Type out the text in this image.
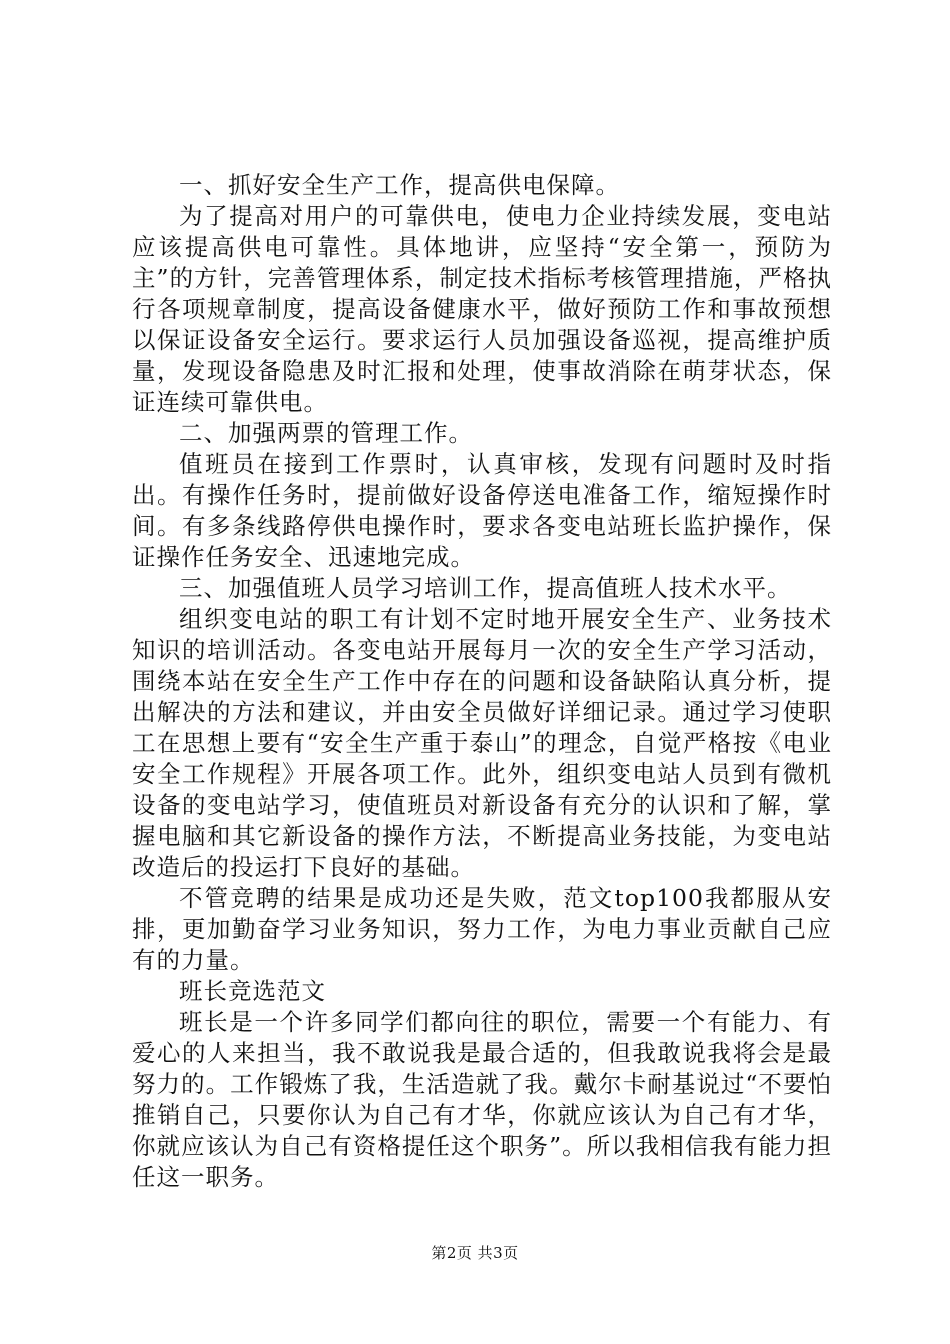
一、抓好安全生产工作，提高供电保障。

为了提高对用户的可靠供电，使电力企业持续发展，变电站应该提高供电可靠性。具体地讲，应坚持“安全第一，预防为主”的方针，完善管理体系，制定技术指标考核管理措施，严格执行各项规章制度，提高设备健康水平，做好预防工作和事故预想以保证设备安全运行。要求运行人员加强设备巡视，提高维护质量，发现设备隐患及时汇报和处理，使事故消除在萌芽状态，保证连续可靠供电。

二、加强两票的管理工作。

值班员在接到工作票时，认真审核，发现有问题时及时指出。有操作任务时，提前做好设备停送电准备工作，缩短操作时间。有多条线路停供电操作时，要求各变电站班长监护操作，保证操作任务安全、迅速地完成。

三、加强值班人员学习培训工作，提高值班人技术水平。

组织变电站的职工有计划不定时地开展安全生产、业务技术知识的培训活动。各变电站开展每月一次的安全生产学习活动，围绕本站在安全生产工作中存在的问题和设备缺陷认真分析，提出解决的方法和建议，并由安全员做好详细记录。通过学习使职工在思想上要有“安全生产重于泰山”的理念，自觉严格按《电业安全工作规程》开展各项工作。此外，组织变电站人员到有微机设备的变电站学习，使值班员对新设备有充分的认识和了解，掌握电脑和其它新设备的操作方法，不断提高业务技能，为变电站改造后的投运打下良好的基础。

不管竞聘的结果是成功还是失败，范文top100我都服从安排，更加勤奋学习业务知识，努力工作，为电力事业贡献自己应有的力量。

班长竞选范文

班长是一个许多同学们都向往的职位，需要一个有能力、有爱心的人来担当，我不敢说我是最合适的，但我敢说我将会是最努力的。工作锻炼了我，生活造就了我。戴尔卡耐基说过“不要怕推销自己，只要你认为自己有才华，你就应该认为自己有才华，你就应该认为自己有资格提任这个职务”。所以我相信我有能力担任这一职务。

第2页 共3页
